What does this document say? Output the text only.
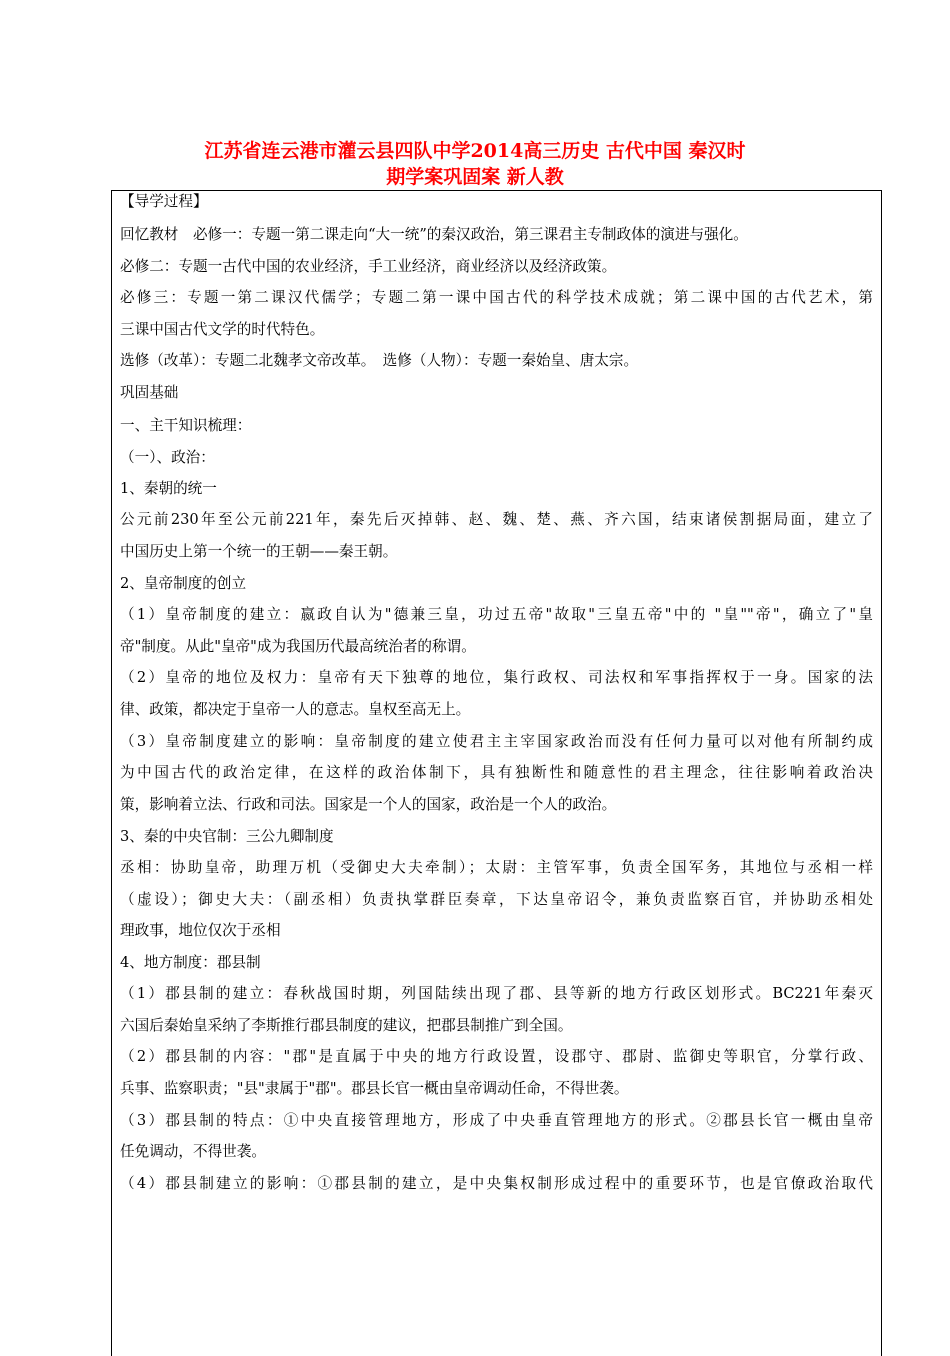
江苏省连云港市灌云县四队中学2014高三历史 古代中国 秦汉时
期学案巩固案 新人教
【导学过程】
回忆教材　必修一：专题一第二课走向“大一统”的秦汉政治，第三课君主专制政体的演进与强化。
必修二：专题一古代中国的农业经济，手工业经济，商业经济以及经济政策。
必修三：专题一第二课汉代儒学；专题二第一课中国古代的科学技术成就；第二课中国的古代艺术，第
三课中国古代文学的时代特色。
选修（改革）：专题二北魏孝文帝改革。　选修（人物）：专题一秦始皇、唐太宗。
巩固基础
一、主干知识梳理：
（一）、政治：
1、秦朝的统一
公元前230年至公元前221年，秦先后灭掉韩、赵、魏、楚、燕、齐六国，结束诸侯割据局面，建立了
中国历史上第一个统一的王朝——秦王朝。
2、皇帝制度的创立
（1）皇帝制度的建立：嬴政自认为"德兼三皇，功过五帝"故取"三皇五帝"中的 "皇""帝"，确立了"皇
帝"制度。从此"皇帝"成为我国历代最高统治者的称谓。
（2）皇帝的地位及权力：皇帝有天下独尊的地位，集行政权、司法权和军事指挥权于一身。国家的法
律、政策，都决定于皇帝一人的意志。皇权至高无上。
（3）皇帝制度建立的影响：皇帝制度的建立使君主主宰国家政治而没有任何力量可以对他有所制约成
为中国古代的政治定律，在这样的政治体制下，具有独断性和随意性的君主理念，往往影响着政治决
策，影响着立法、行政和司法。国家是一个人的国家，政治是一个人的政治。
3、秦的中央官制：三公九卿制度
丞相：协助皇帝，助理万机（受御史大夫牵制）；太尉：主管军事，负责全国军务，其地位与丞相一样
（虚设）；御史大夫：（副丞相）负责执掌群臣奏章，下达皇帝诏令，兼负责监察百官，并协助丞相处
理政事，地位仅次于丞相
4、地方制度：郡县制
（1）郡县制的建立：春秋战国时期，列国陆续出现了郡、县等新的地方行政区划形式。BC221年秦灭
六国后秦始皇采纳了李斯推行郡县制度的建议，把郡县制推广到全国。
（2）郡县制的内容："郡"是直属于中央的地方行政设置，设郡守、郡尉、监御史等职官，分掌行政、
兵事、监察职责；"县"隶属于"郡"。郡县长官一概由皇帝调动任命，不得世袭。
（3）郡县制的特点：①中央直接管理地方，形成了中央垂直管理地方的形式。②郡县长官一概由皇帝
任免调动，不得世袭。
（4）郡县制建立的影响：①郡县制的建立，是中央集权制形成过程中的重要环节，也是官僚政治取代
